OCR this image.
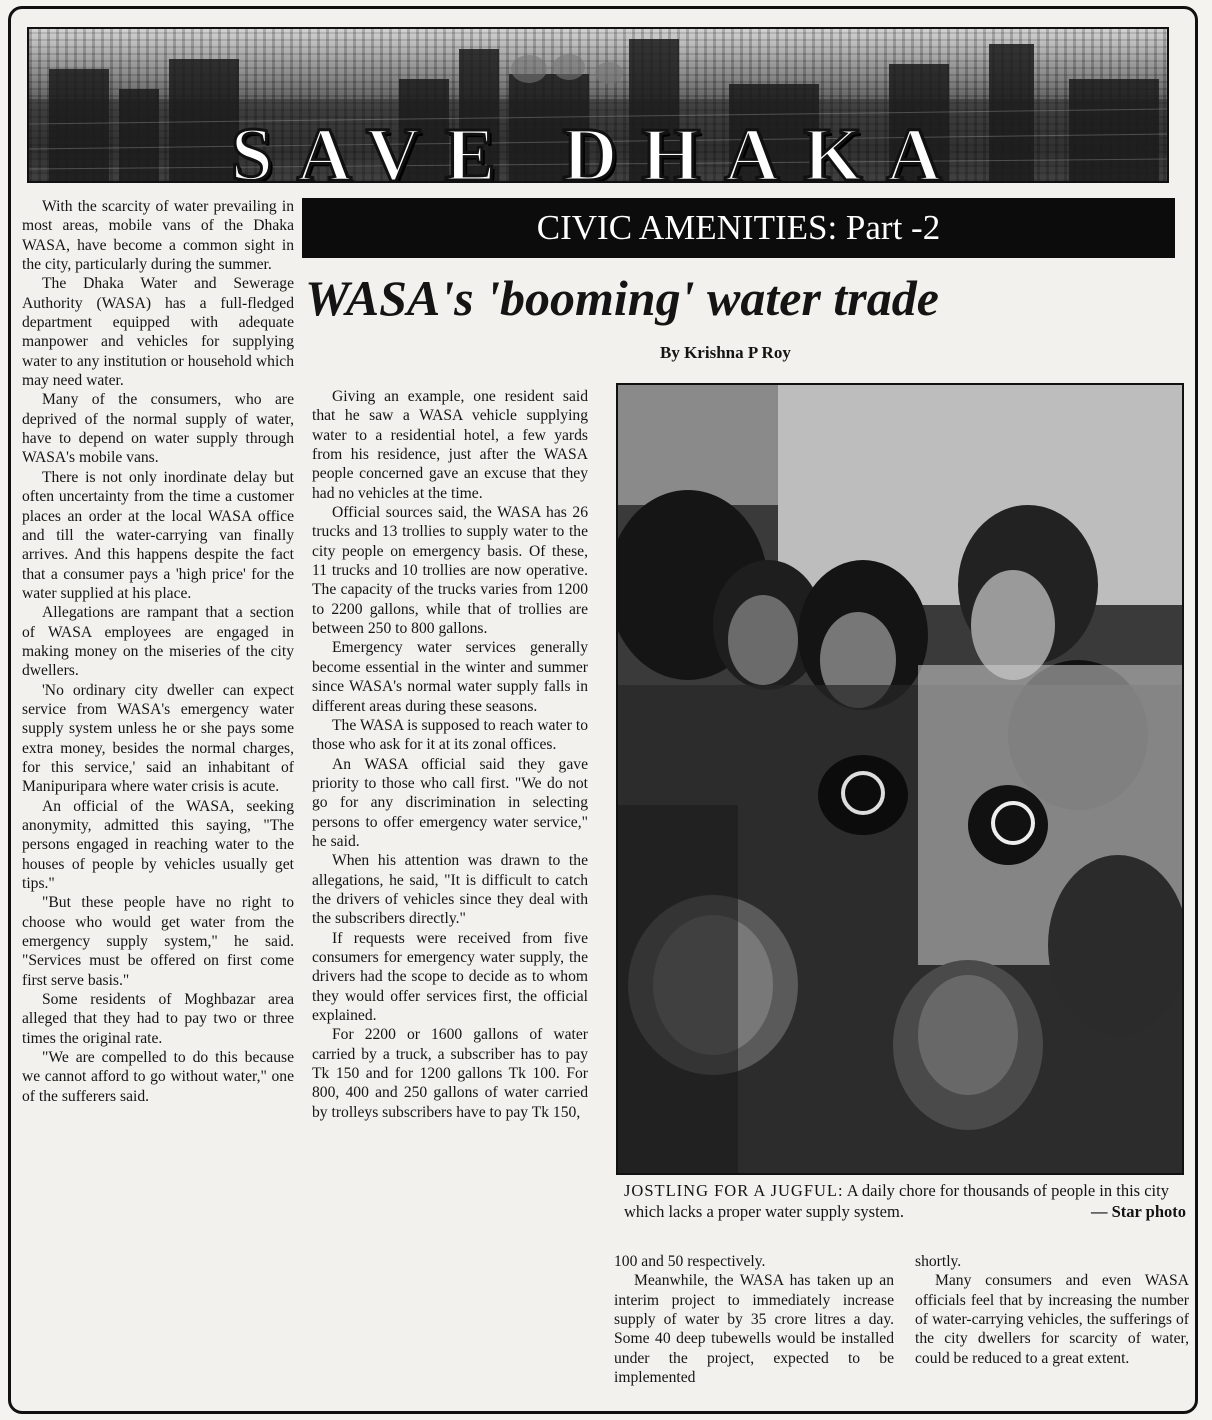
SAVE DHAKA
CIVIC AMENITIES: Part -2
WASA's 'booming' water trade
By Krishna P Roy

With the scarcity of water prevailing in most areas, mobile vans of the Dhaka WASA, have become a common sight in the city, particularly during the summer.

The Dhaka Water and Sewerage Authority (WASA) has a full-fledged department equipped with adequate manpower and vehicles for supplying water to any institution or household which may need water.

Many of the consumers, who are deprived of the normal supply of water, have to depend on water supply through WASA's mobile vans.

There is not only inordinate delay but often uncertainty from the time a customer places an order at the local WASA office and till the water-carrying van finally arrives. And this happens despite the fact that a consumer pays a 'high price' for the water supplied at his place.

Allegations are rampant that a section of WASA employees are engaged in making money on the miseries of the city dwellers.

'No ordinary city dweller can expect service from WASA's emergency water supply system unless he or she pays some extra money, besides the normal charges, for this service,' said an inhabitant of Manipuripara where water crisis is acute.

An official of the WASA, seeking anonymity, admitted this saying, "The persons engaged in reaching water to the houses of people by vehicles usually get tips."

"But these people have no right to choose who would get water from the emergency supply system," he said. "Services must be offered on first come first serve basis."

Some residents of Moghbazar area alleged that they had to pay two or three times the original rate.

"We are compelled to do this because we cannot afford to go without water," one of the sufferers said.

Giving an example, one resident said that he saw a WASA vehicle supplying water to a residential hotel, a few yards from his residence, just after the WASA people concerned gave an excuse that they had no vehicles at the time.

Official sources said, the WASA has 26 trucks and 13 trollies to supply water to the city people on emergency basis. Of these, 11 trucks and 10 trollies are now operative. The capacity of the trucks varies from 1200 to 2200 gallons, while that of trollies are between 250 to 800 gallons.

Emergency water services generally become essential in the winter and summer since WASA's normal water supply falls in different areas during these seasons.

The WASA is supposed to reach water to those who ask for it at its zonal offices.

An WASA official said they gave priority to those who call first. "We do not go for any discrimination in selecting persons to offer emergency water service," he said.

When his attention was drawn to the allegations, he said, "It is difficult to catch the drivers of vehicles since they deal with the subscribers directly."

If requests were received from five consumers for emergency water supply, the drivers had the scope to decide as to whom they would offer services first, the official explained.

For 2200 or 1600 gallons of water carried by a truck, a subscriber has to pay Tk 150 and for 1200 gallons Tk 100. For 800, 400 and 250 gallons of water carried by trolleys subscribers have to pay Tk 150,

JOSTLING FOR A JUGFUL: A daily chore for thousands of people in this city which lacks a proper water supply system.	— Star photo

100 and 50 respectively.

Meanwhile, the WASA has taken up an interim project to immediately increase supply of water by 35 crore litres a day. Some 40 deep tubewells would be installed under the project, expected to be implemented

shortly.

Many consumers and even WASA officials feel that by increasing the number of water-carrying vehicles, the sufferings of the city dwellers for scarcity of water, could be reduced to a great extent.
